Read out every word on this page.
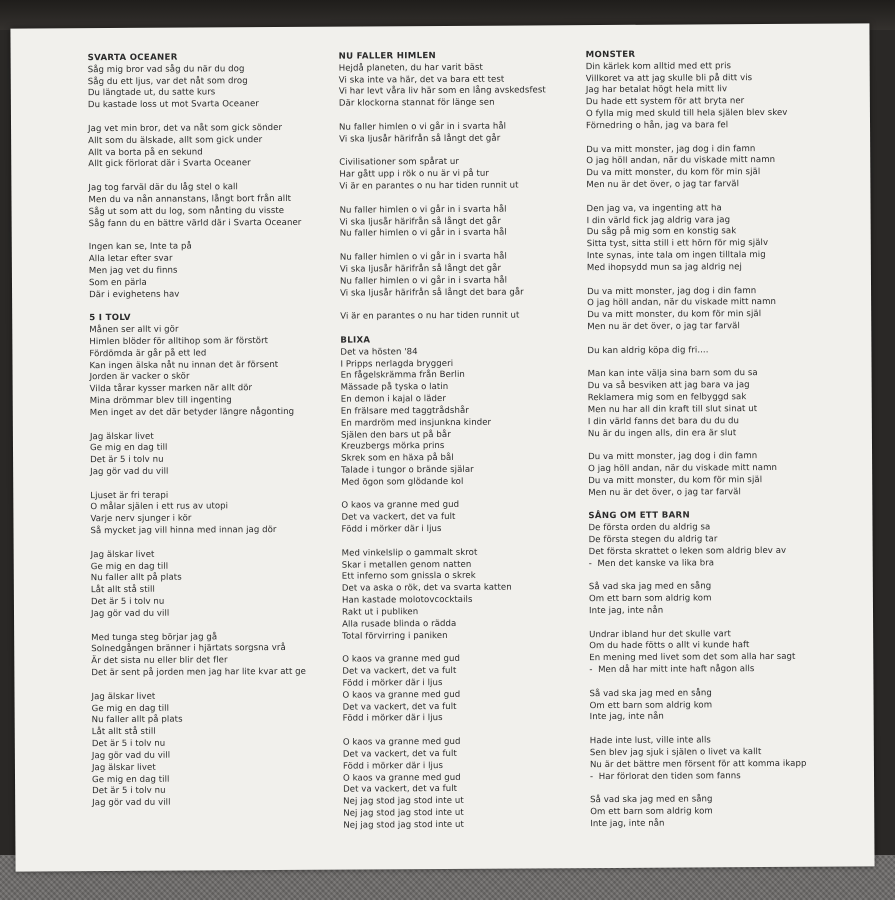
SVARTA OCEANER
Såg mig bror vad såg du när du dog
Såg du ett ljus, var det nåt som drog
Du längtade ut, du satte kurs
Du kastade loss ut mot Svarta Oceaner
Jag vet min bror, det va nåt som gick sönder
Allt som du älskade, allt som gick under
Allt va borta på en sekund
Allt gick förlorat där i Svarta Oceaner
Jag tog farväl där du låg stel o kall
Men du va nån annanstans, långt bort från allt
Såg ut som att du log, som nånting du visste
Såg fann du en bättre värld där i Svarta Oceaner
Ingen kan se, Inte ta på
Alla letar efter svar
Men jag vet du finns
Som en pärla
Där i evighetens hav
5 I TOLV
Månen ser allt vi gör
Himlen blöder för alltihop som är förstört
Fördömda är går på ett led
Kan ingen älska nåt nu innan det är försent
Jorden är vacker o skör
Vilda tårar kysser marken när allt dör
Mina drömmar blev till ingenting
Men inget av det där betyder längre någonting
Jag älskar livet
Ge mig en dag till
Det är 5 i tolv nu
Jag gör vad du vill
Ljuset är fri terapi
O målar själen i ett rus av utopi
Varje nerv sjunger i kör
Så mycket jag vill hinna med innan jag dör
Jag älskar livet
Ge mig en dag till
Nu faller allt på plats
Låt allt stå still
Det är 5 i tolv nu
Jag gör vad du vill
Med tunga steg börjar jag gå
Solnedgången bränner i hjärtats sorgsna vrå
Är det sista nu eller blir det fler
Det är sent på jorden men jag har lite kvar att ge
Jag älskar livet
Ge mig en dag till
Nu faller allt på plats
Låt allt stå still
Det är 5 i tolv nu
Jag gör vad du vill
Jag älskar livet
Ge mig en dag till
Det är 5 i tolv nu
Jag gör vad du vill
NU FALLER HIMLEN
Hejdå planeten, du har varit bäst
Vi ska inte va här, det va bara ett test
Vi har levt våra liv här som en lång avskedsfest
Där klockorna stannat för länge sen
Nu faller himlen o vi går in i svarta hål
Vi ska ljusår härifrån så långt det går
Civilisationer som spårat ur
Har gått upp i rök o nu är vi på tur
Vi är en parantes o nu har tiden runnit ut
Nu faller himlen o vi går in i svarta hål
Vi ska ljusår härifrån så långt det går
Nu faller himlen o vi går in i svarta hål
Nu faller himlen o vi går in i svarta hål
Vi ska ljusår härifrån så långt det går
Nu faller himlen o vi går in i svarta hål
Vi ska ljusår härifrån så långt det bara går
Vi är en parantes o nu har tiden runnit ut
BLIXA
Det va hösten '84
I Pripps nerlagda bryggeri
En fågelskrämma från Berlin
Mässade på tyska o latin
En demon i kajal o läder
En frälsare med taggtrådshår
En mardröm med insjunkna kinder
Själen den bars ut på bår
Kreuzbergs mörka prins
Skrek som en häxa på bål
Talade i tungor o brände själar
Med ögon som glödande kol
O kaos va granne med gud
Det va vackert, det va fult
Född i mörker där i ljus
Med vinkelslip o gammalt skrot
Skar i metallen genom natten
Ett inferno som gnissla o skrek
Det va aska o rök, det va svarta katten
Han kastade molotovcocktails
Rakt ut i publiken
Alla rusade blinda o rädda
Total förvirring i paniken
O kaos va granne med gud
Det va vackert, det va fult
Född i mörker där i ljus
O kaos va granne med gud
Det va vackert, det va fult
Född i mörker där i ljus
O kaos va granne med gud
Det va vackert, det va fult
Född i mörker där i ljus
O kaos va granne med gud
Det va vackert, det va fult
Nej jag stod jag stod inte ut
Nej jag stod jag stod inte ut
Nej jag stod jag stod inte ut
MONSTER
Din kärlek kom alltid med ett pris
Villkoret va att jag skulle bli på ditt vis
Jag har betalat högt hela mitt liv
Du hade ett system för att bryta ner
O fylla mig med skuld till hela själen blev skev
Förnedring o hån, jag va bara fel
Du va mitt monster, jag dog i din famn
O jag höll andan, när du viskade mitt namn
Du va mitt monster, du kom för min själ
Men nu är det över, o jag tar farväl
Den jag va, va ingenting att ha
I din värld fick jag aldrig vara jag
Du såg på mig som en konstig sak
Sitta tyst, sitta still i ett hörn för mig själv
Inte synas, inte tala om ingen tilltala mig
Med ihopsydd mun sa jag aldrig nej
Du va mitt monster, jag dog i din famn
O jag höll andan, när du viskade mitt namn
Du va mitt monster, du kom för min själ
Men nu är det över, o jag tar farväl
Du kan aldrig köpa dig fri....
Man kan inte välja sina barn som du sa
Du va så besviken att jag bara va jag
Reklamera mig som en felbyggd sak
Men nu har all din kraft till slut sinat ut
I din värld fanns det bara du du du
Nu är du ingen alls, din era är slut
Du va mitt monster, jag dog i din famn
O jag höll andan, när du viskade mitt namn
Du va mitt monster, du kom för min själ
Men nu är det över, o jag tar farväl
SÅNG OM ETT BARN
De första orden du aldrig sa
De första stegen du aldrig tar
Det första skrattet o leken som aldrig blev av
-  Men det kanske va lika bra
Så vad ska jag med en sång
Om ett barn som aldrig kom
Inte jag, inte nån
Undrar ibland hur det skulle vart
Om du hade fötts o allt vi kunde haft
En mening med livet som det som alla har sagt
-  Men då har mitt inte haft någon alls
Så vad ska jag med en sång
Om ett barn som aldrig kom
Inte jag, inte nån
Hade inte lust, ville inte alls
Sen blev jag sjuk i själen o livet va kallt
Nu är det bättre men försent för att komma ikapp
-  Har förlorat den tiden som fanns
Så vad ska jag med en sång
Om ett barn som aldrig kom
Inte jag, inte nån
